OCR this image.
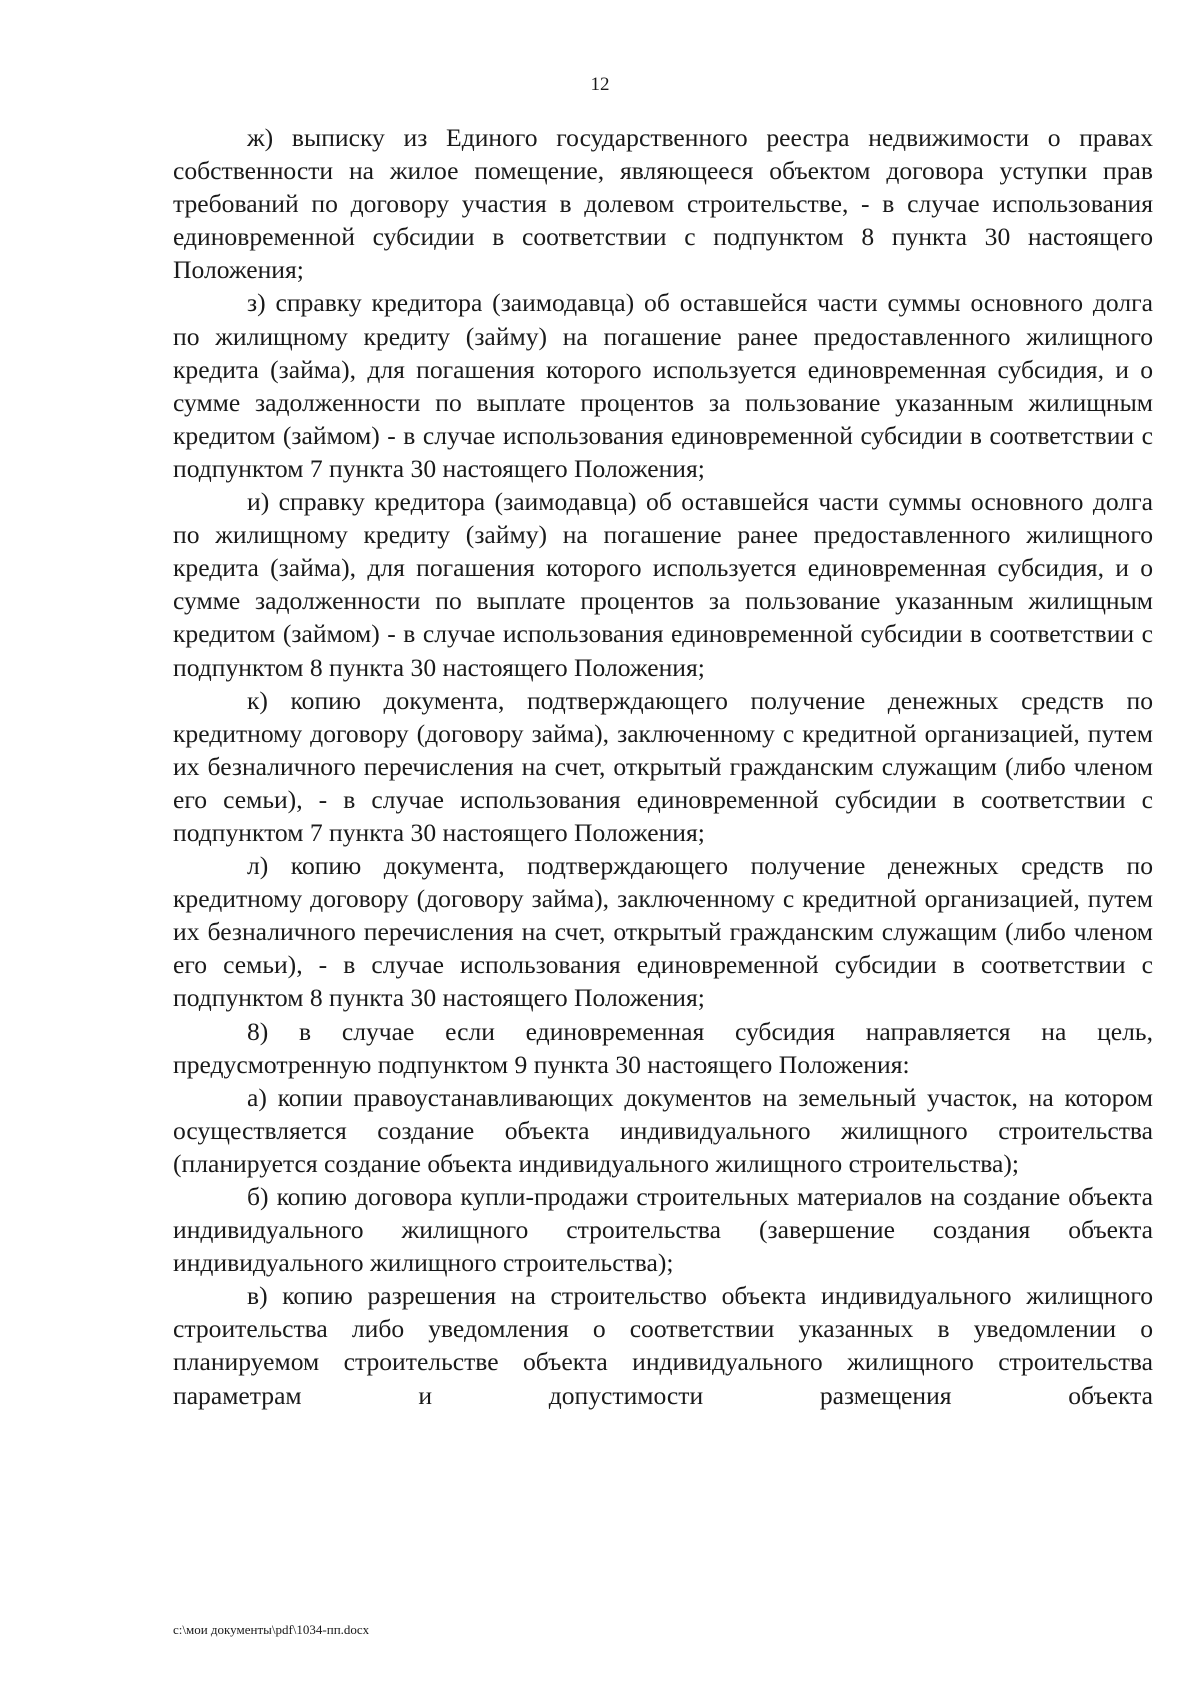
12

ж) выписку из Единого государственного реестра недвижимости о правах собственности на жилое помещение, являющееся объектом договора уступки прав требований по договору участия в долевом строительстве, - в случае использования единовременной субсидии в соответствии с подпунктом 8 пункта 30 настоящего Положения;

з) справку кредитора (заимодавца) об оставшейся части суммы основного долга по жилищному кредиту (займу) на погашение ранее предоставленного жилищного кредита (займа), для погашения которого используется единовременная субсидия, и о сумме задолженности по выплате процентов за пользование указанным жилищным кредитом (займом) - в случае использования единовременной субсидии в соответствии с подпунктом 7 пункта 30 настоящего Положения;

и) справку кредитора (заимодавца) об оставшейся части суммы основного долга по жилищному кредиту (займу) на погашение ранее предоставленного жилищного кредита (займа), для погашения которого используется единовременная субсидия, и о сумме задолженности по выплате процентов за пользование указанным жилищным кредитом (займом) - в случае использования единовременной субсидии в соответствии с подпунктом 8 пункта 30 настоящего Положения;

к) копию документа, подтверждающего получение денежных средств по кредитному договору (договору займа), заключенному с кредитной организацией, путем их безналичного перечисления на счет, открытый гражданским служащим (либо членом его семьи), - в случае использования единовременной субсидии в соответствии с подпунктом 7 пункта 30 настоящего Положения;

л) копию документа, подтверждающего получение денежных средств по кредитному договору (договору займа), заключенному с кредитной организацией, путем их безналичного перечисления на счет, открытый гражданским служащим (либо членом его семьи), - в случае использования единовременной субсидии в соответствии с подпунктом 8 пункта 30 настоящего Положения;

8) в случае если единовременная субсидия направляется на цель, предусмотренную подпунктом 9 пункта 30 настоящего Положения:

а) копии правоустанавливающих документов на земельный участок, на котором осуществляется создание объекта индивидуального жилищного строительства (планируется создание объекта индивидуального жилищного строительства);

б) копию договора купли-продажи строительных материалов на создание объекта индивидуального жилищного строительства (завершение создания объекта индивидуального жилищного строительства);

в) копию разрешения на строительство объекта индивидуального жилищного строительства либо уведомления о соответствии указанных в уведомлении о планируемом строительстве объекта индивидуального жилищного строительства параметрам и допустимости размещения объекта

c:\мои документы\pdf\1034-пп.docx
